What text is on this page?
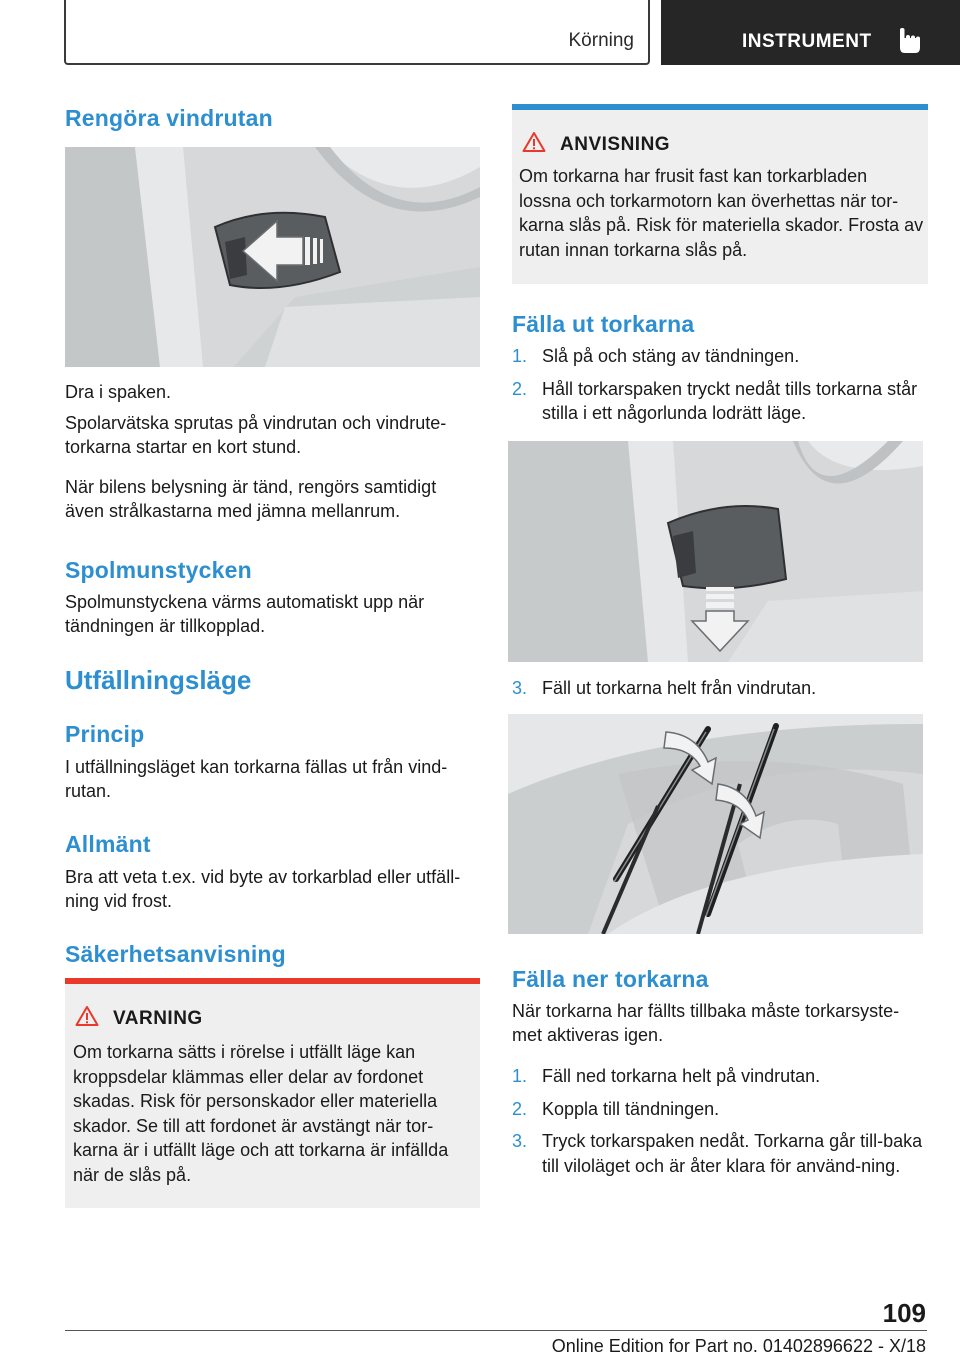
Körning	INSTRUMENT
Rengöra vindrutan

Dra i spaken.

Spolarvätska sprutas på vindrutan och vindrute-torkarna startar en kort stund.

När bilens belysning är tänd, rengörs samtidigt även strålkastarna med jämna mellanrum.

Spolmunstycken

Spolmunstyckena värms automatiskt upp när tändningen är tillkopplad.

Utfällningsläge
Princip

I utfällningsläget kan torkarna fällas ut från vind-rutan.

Allmänt

Bra att veta t.ex. vid byte av torkarblad eller utfäll-ning vid frost.

Säkerhetsanvisning
VARNING

Om torkarna sätts i rörelse i utfällt läge kan kroppsdelar klämmas eller delar av fordonet skadas. Risk för personskador eller materiella skador. Se till att fordonet är avstängt när tor-karna är i utfällt läge och att torkarna är infällda när de slås på.

ANVISNING

Om torkarna har frusit fast kan torkarbladen lossna och torkarmotorn kan överhettas när tor-karna slås på. Risk för materiella skador. Frosta av rutan innan torkarna slås på.

Fälla ut torkarna
1. Slå på och stäng av tändningen.
2. Håll torkarspaken tryckt nedåt tills torkarna står stilla i ett någorlunda lodrätt läge.
3. Fäll ut torkarna helt från vindrutan.
Fälla ner torkarna

När torkarna har fällts tillbaka måste torkarsyste-met aktiveras igen.

1. Fäll ned torkarna helt på vindrutan.
2. Koppla till tändningen.
3. Tryck torkarspaken nedåt. Torkarna går till-baka till viloläget och är åter klara för använd-ning.
109
Online Edition for Part no. 01402896622 - X/18
